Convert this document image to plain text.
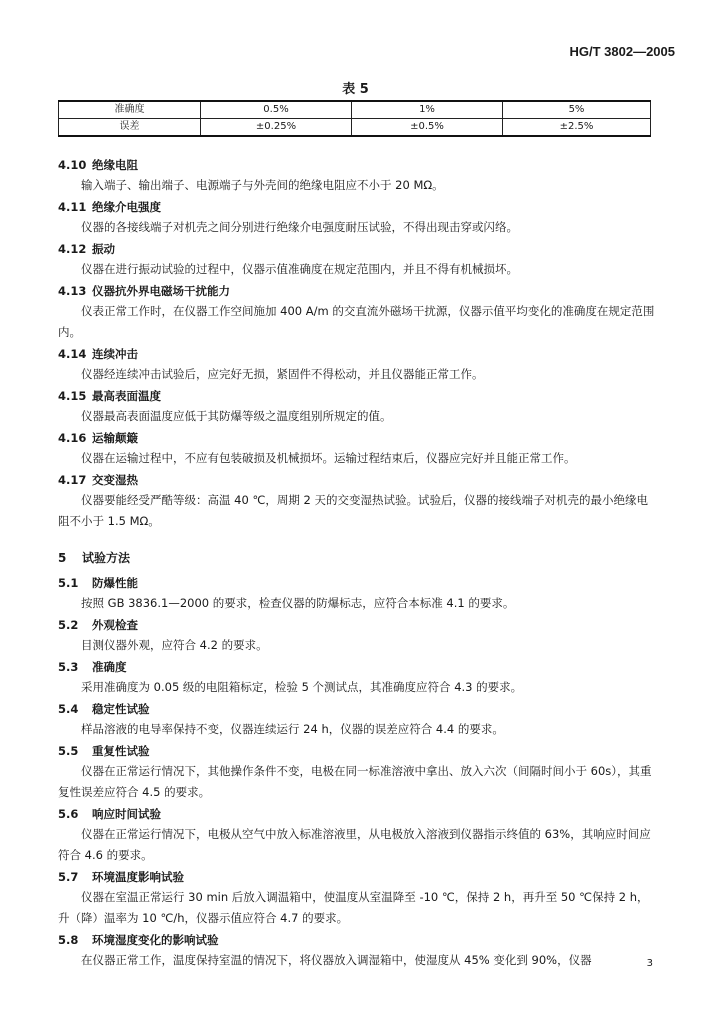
HG/T 3802—2005
表 5
准确度	0.5%	1%	5%
误差	±0.25%	±0.5%	±2.5%
4.10 绝缘电阻

输入端子、输出端子、电源端子与外壳间的绝缘电阻应不小于 20 MΩ。

4.11 绝缘介电强度

仪器的各接线端子对机壳之间分别进行绝缘介电强度耐压试验，不得出现击穿或闪络。

4.12 振动

仪器在进行振动试验的过程中，仪器示值准确度在规定范围内，并且不得有机械损坏。

4.13 仪器抗外界电磁场干扰能力

仪表正常工作时，在仪器工作空间施加 400 A/m 的交直流外磁场干扰源，仪器示值平均变化的准确度在规定范围内。

4.14 连续冲击

仪器经连续冲击试验后，应完好无损，紧固件不得松动，并且仪器能正常工作。

4.15 最高表面温度

仪器最高表面温度应低于其防爆等级之温度组别所规定的值。

4.16 运输颠簸

仪器在运输过程中，不应有包装破损及机械损坏。运输过程结束后，仪器应完好并且能正常工作。

4.17 交变湿热

仪器要能经受严酷等级：高温 40 ℃，周期 2 天的交变湿热试验。试验后，仪器的接线端子对机壳的最小绝缘电阻不小于 1.5 MΩ。

5 试验方法
5.1 防爆性能

按照 GB 3836.1—2000 的要求，检查仪器的防爆标志，应符合本标准 4.1 的要求。

5.2 外观检查

目测仪器外观，应符合 4.2 的要求。

5.3 准确度

采用准确度为 0.05 级的电阻箱标定，检验 5 个测试点，其准确度应符合 4.3 的要求。

5.4 稳定性试验

样品溶液的电导率保持不变，仪器连续运行 24 h，仪器的误差应符合 4.4 的要求。

5.5 重复性试验

仪器在正常运行情况下，其他操作条件不变，电极在同一标准溶液中拿出、放入六次（间隔时间小于 60s），其重复性误差应符合 4.5 的要求。

5.6 响应时间试验

仪器在正常运行情况下，电极从空气中放入标准溶液里，从电极放入溶液到仪器指示终值的 63%，其响应时间应符合 4.6 的要求。

5.7 环境温度影响试验

仪器在室温正常运行 30 min 后放入调温箱中，使温度从室温降至 -10 ℃，保持 2 h，再升至 50 ℃保持 2 h，升（降）温率为 10 ℃/h，仪器示值应符合 4.7 的要求。

5.8 环境湿度变化的影响试验

在仪器正常工作，温度保持室温的情况下，将仪器放入调湿箱中，使湿度从 45% 变化到 90%，仪器	3
